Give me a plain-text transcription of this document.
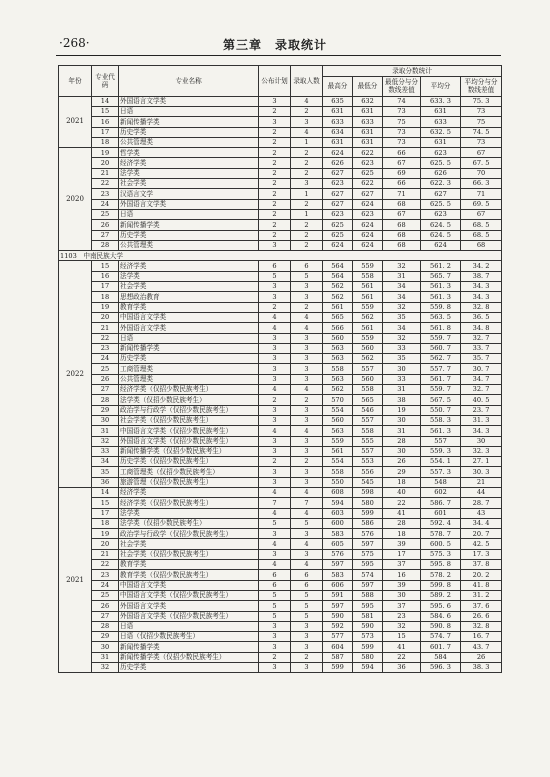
·268·	第三章　录取统计
年份	专业代码	专业名称	公布计划	录取人数	录取分数统计				
					最高分	最低分	最低分与分数线差值	平均分	平均分与分数线差值
2021	14	外国语言文学类	3	4	635	632	74	633. 3	75. 3
	15	日语	2	2	631	631	73	631	73
	16	新闻传播学类	3	3	633	633	75	633	75
	17	历史学类	2	4	634	631	73	632. 5	74. 5
	18	公共管理类	2	1	631	631	73	631	73
2020	19	哲学类	2	2	624	622	66	623	67
	20	经济学类	2	2	626	623	67	625. 5	67. 5
	21	法学类	2	2	627	625	69	626	70
	22	社会学类	2	3	623	622	66	622. 3	66. 3
	23	汉语言文学	2	1	627	627	71	627	71
	24	外国语言文学类	2	2	627	624	68	625. 5	69. 5
	25	日语	2	1	623	623	67	623	67
	26	新闻传播学类	2	2	625	624	68	624. 5	68. 5
	27	历史学类	2	2	625	624	68	624. 5	68. 5
	28	公共管理类	3	2	624	624	68	624	68
1103　中南民族大学									
2022	15	经济学类	6	6	564	559	32	561. 2	34. 2
	16	法学类	5	5	564	558	31	565. 7	38. 7
	17	社会学类	3	3	562	561	34	561. 3	34. 3
	18	思想政治教育	3	3	562	561	34	561. 3	34. 3
	19	教育学类	2	2	561	559	32	559. 8	32. 8
	20	中国语言文学类	4	4	565	562	35	563. 5	36. 5
	21	外国语言文学类	4	4	566	561	34	561. 8	34. 8
	22	日语	3	3	560	559	32	559. 7	32. 7
	23	新闻传播学类	3	3	563	560	33	560. 7	33. 7
	24	历史学类	3	3	563	562	35	562. 7	35. 7
	25	工商管理类	3	3	558	557	30	557. 7	30. 7
	26	公共管理类	3	3	563	560	33	561. 7	34. 7
	27	经济学类（仅招少数民族考生）	4	4	562	558	31	559. 7	32. 7
	28	法学类（仅招少数民族考生）	2	2	570	565	38	567. 5	40. 5
	29	政治学与行政学（仅招少数民族考生）	3	3	554	546	19	550. 7	23. 7
	30	社会学类（仅招少数民族考生）	3	3	560	557	30	558. 3	31. 3
	31	中国语言文学类（仅招少数民族考生）	4	4	563	558	31	561. 3	34. 3
	32	外国语言文学类（仅招少数民族考生）	3	3	559	555	28	557	30
	33	新闻传播学类（仅招少数民族考生）	3	3	561	557	30	559. 3	32. 3
	34	历史学类（仅招少数民族考生）	2	2	554	553	26	554. 1	27. 1
	35	工商管理类（仅招少数民族考生）	3	3	558	556	29	557. 3	30. 3
	36	旅游管理（仅招少数民族考生）	3	3	550	545	18	548	21
2021	14	经济学类	4	4	608	598	40	602	44
	15	经济学类（仅招少数民族考生）	7	7	594	580	22	586. 7	28. 7
	17	法学类	4	4	603	599	41	601	43
	18	法学类（仅招少数民族考生）	5	5	600	586	28	592. 4	34. 4
	19	政治学与行政学（仅招少数民族考生）	3	3	583	576	18	578. 7	20. 7
	20	社会学类	4	4	605	597	39	600. 5	42. 5
	21	社会学类（仅招少数民族考生）	3	3	576	575	17	575. 3	17. 3
	22	教育学类	4	4	597	595	37	595. 8	37. 8
	23	教育学类（仅招少数民族考生）	6	6	583	574	16	578. 2	20. 2
	24	中国语言文学类	6	6	606	597	39	599. 8	41. 8
	25	中国语言文学类（仅招少数民族考生）	5	5	591	588	30	589. 2	31. 2
	26	外国语言文学类	5	5	597	595	37	595. 6	37. 6
	27	外国语言文学类（仅招少数民族考生）	5	5	590	581	23	584. 6	26. 6
	28	日语	3	3	592	590	32	590. 8	32. 8
	29	日语（仅招少数民族考生）	3	3	577	573	15	574. 7	16. 7
	30	新闻传播学类	3	3	604	599	41	601. 7	43. 7
	31	新闻传播学类（仅招少数民族考生）	2	2	587	580	22	584	26
	32	历史学类	3	3	599	594	36	596. 3	38. 3
